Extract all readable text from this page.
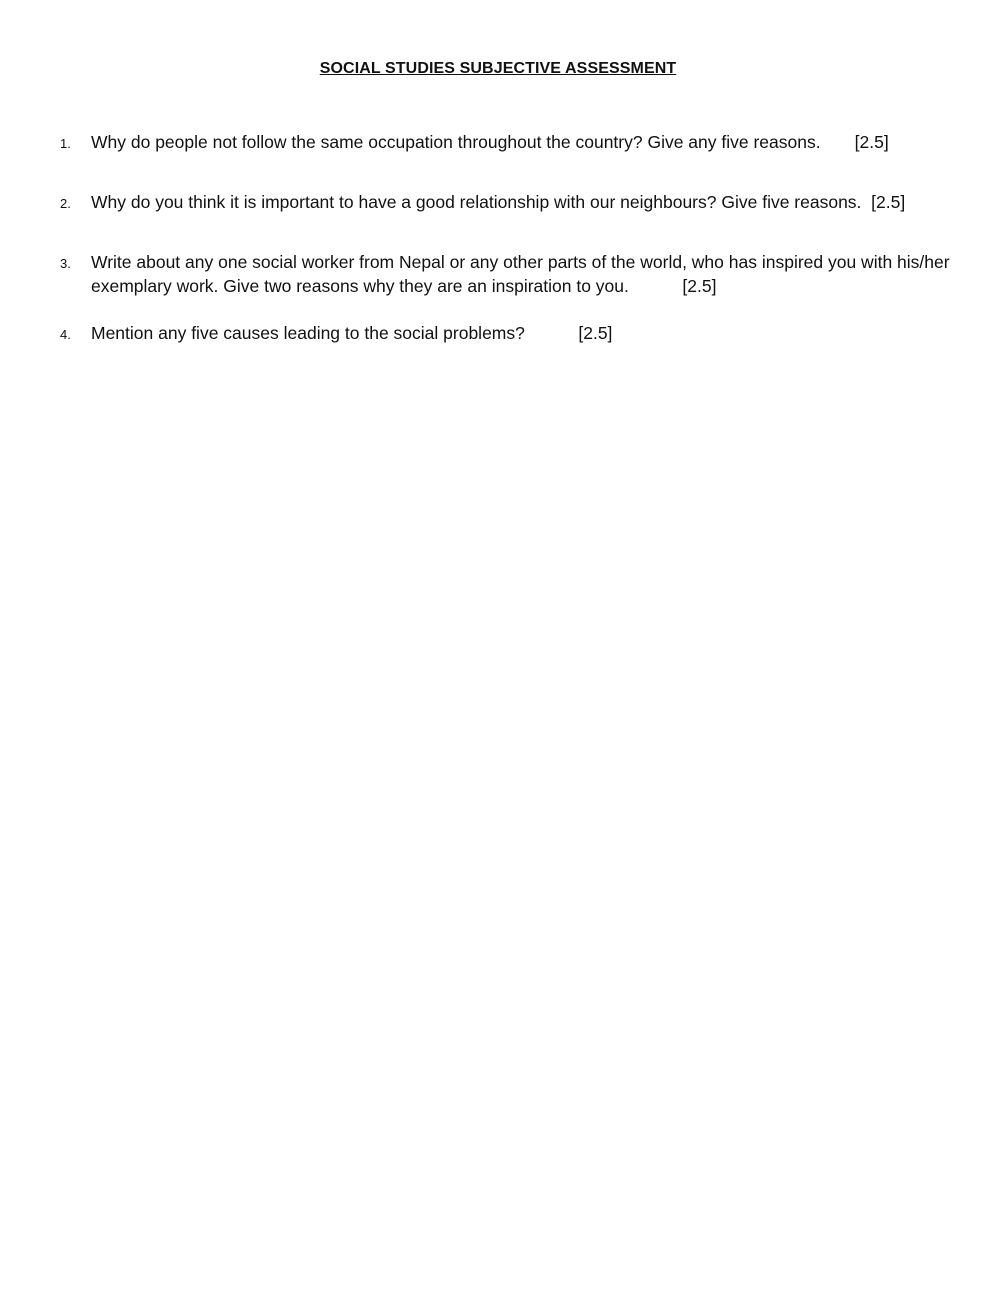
SOCIAL STUDIES SUBJECTIVE ASSESSMENT
1.	Why do people not follow the same occupation throughout the country? Give any five reasons. [2.5]
2.	Why do you think it is important to have a good relationship with our neighbours? Give five reasons. [2.5]
3.	Write about any one social worker from Nepal or any other parts of the world, who has inspired you with his/her exemplary work. Give two reasons why they are an inspiration to you.	[2.5]
4.	Mention any five causes leading to the social problems?	[2.5]
